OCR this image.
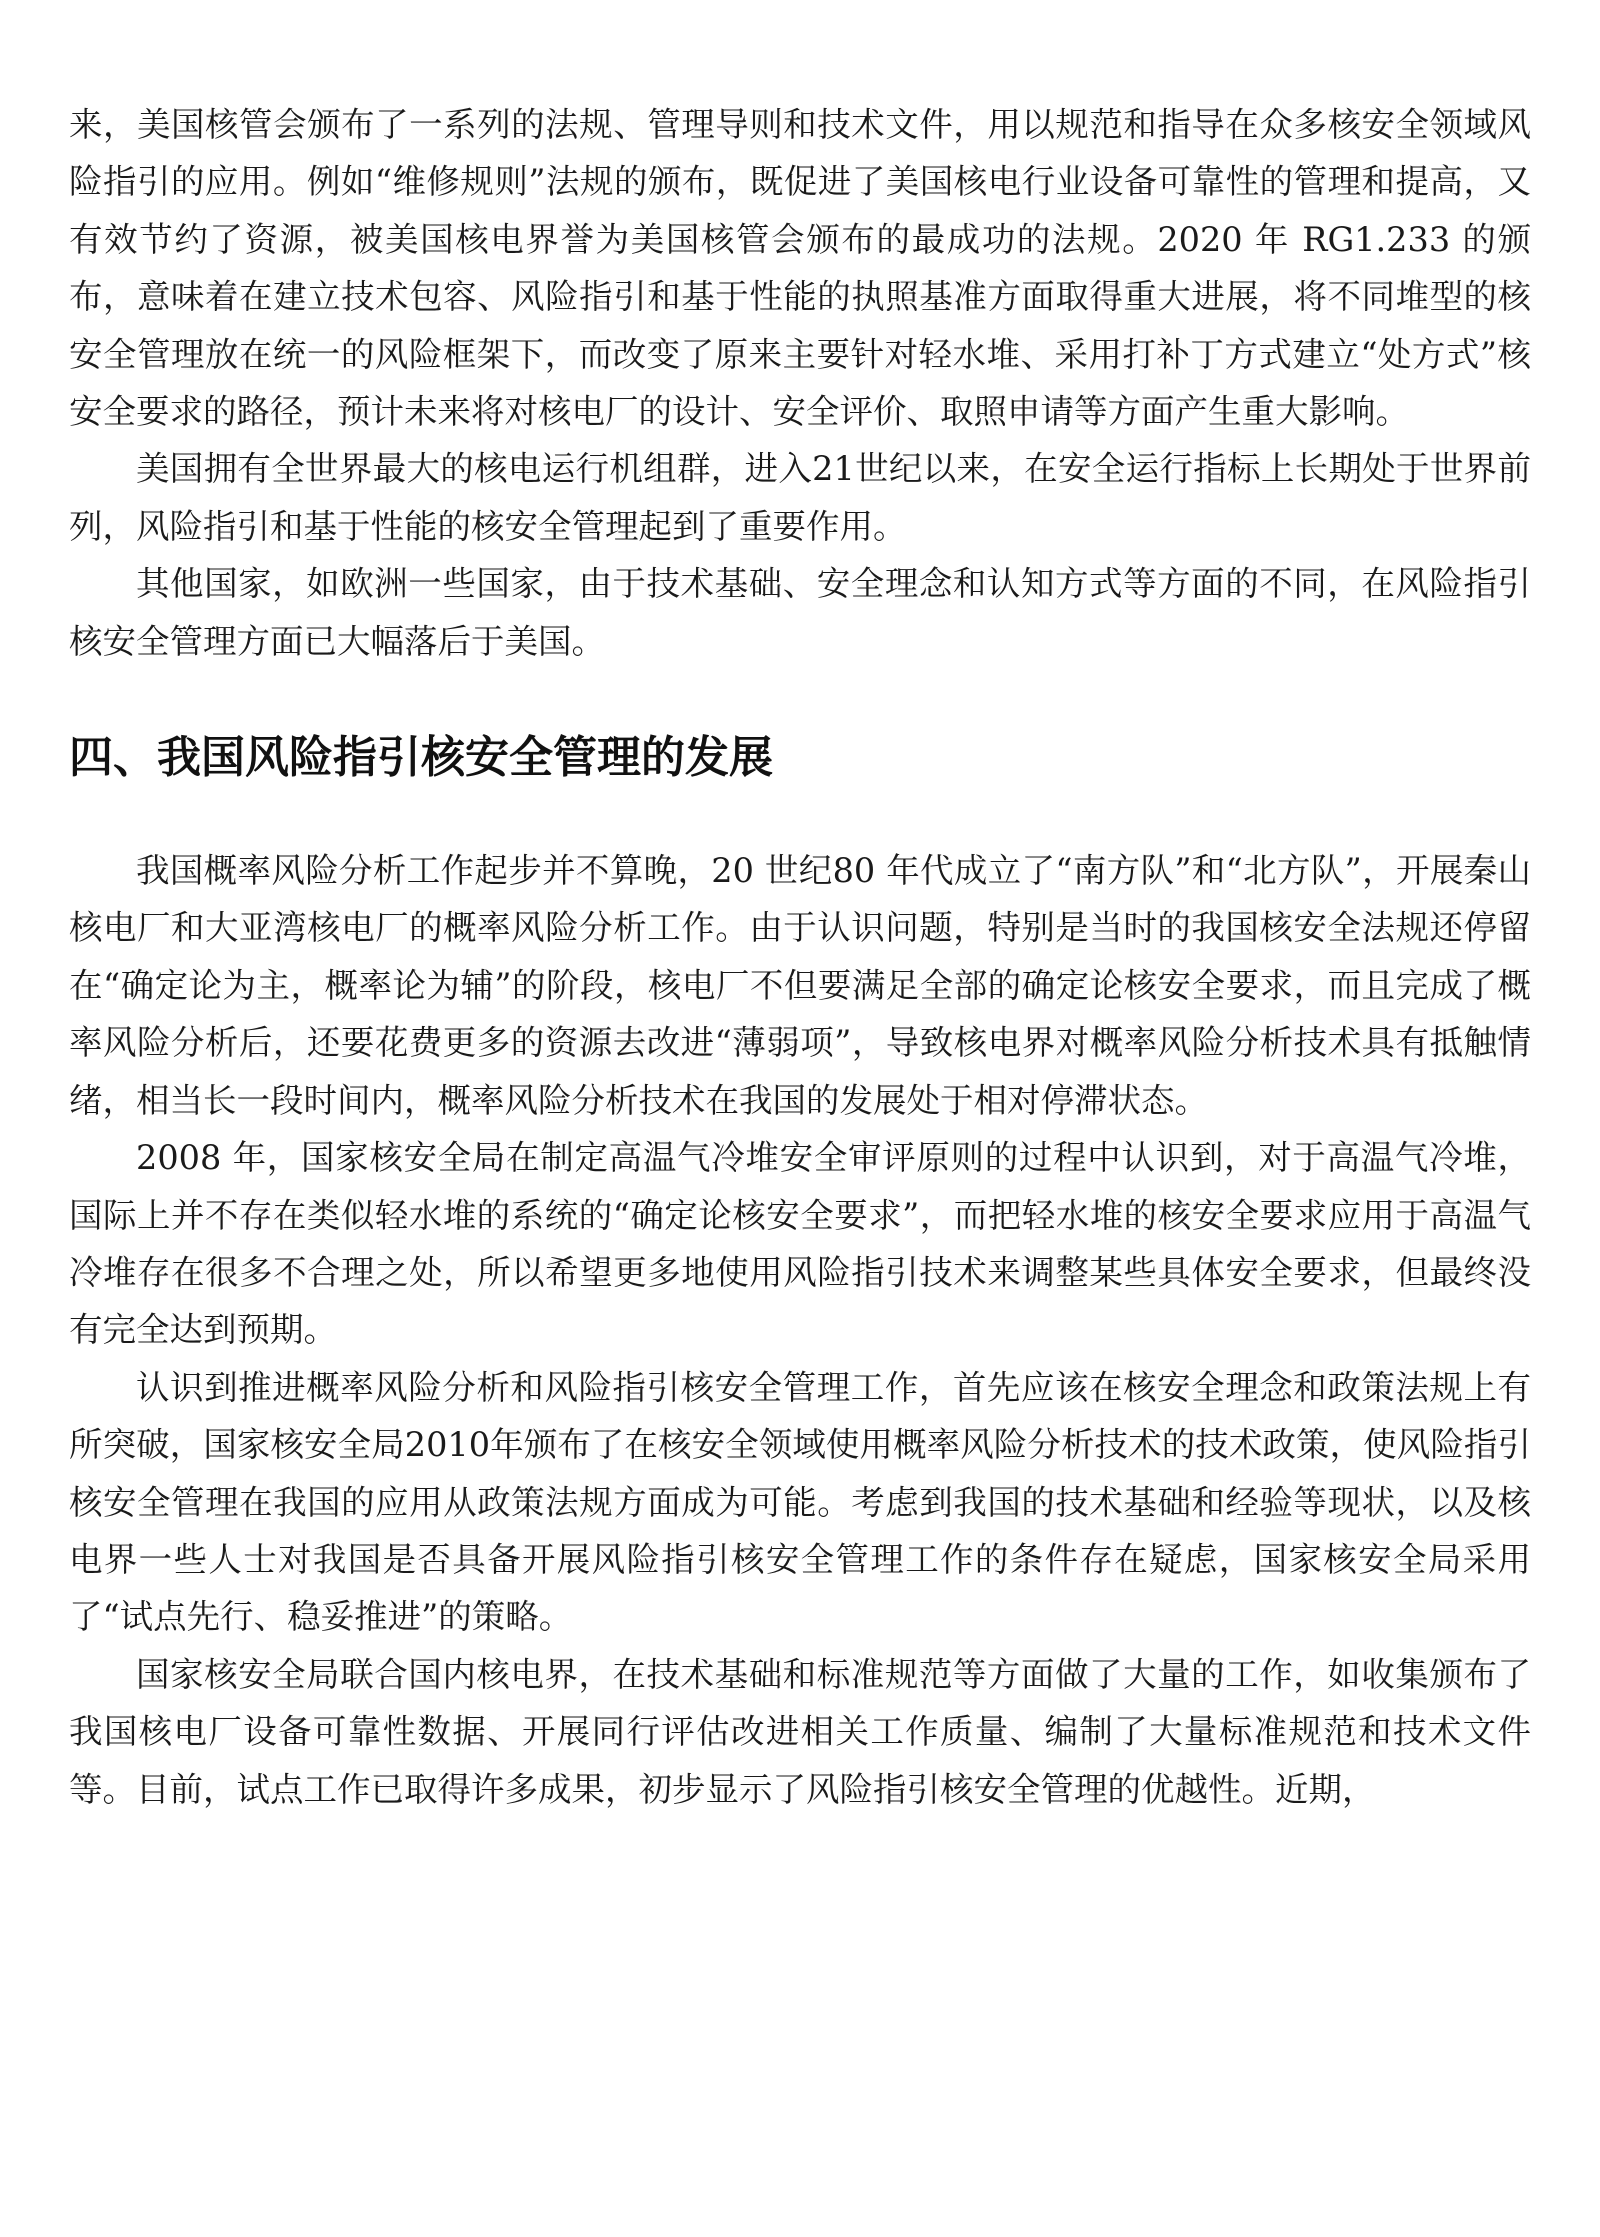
来，美国核管会颁布了一系列的法规、管理导则和技术文件，用以规范和指导在众多核安全领域风险指引的应用。例如“维修规则”法规的颁布，既促进了美国核电行业设备可靠性的管理和提高，又有效节约了资源，被美国核电界誉为美国核管会颁布的最成功的法规。2020 年 RG1.233 的颁布，意味着在建立技术包容、风险指引和基于性能的执照基准方面取得重大进展，将不同堆型的核安全管理放在统一的风险框架下，而改变了原来主要针对轻水堆、采用打补丁方式建立“处方式”核安全要求的路径，预计未来将对核电厂的设计、安全评价、取照申请等方面产生重大影响。

美国拥有全世界最大的核电运行机组群，进入21世纪以来，在安全运行指标上长期处于世界前列，风险指引和基于性能的核安全管理起到了重要作用。

其他国家，如欧洲一些国家，由于技术基础、安全理念和认知方式等方面的不同，在风险指引核安全管理方面已大幅落后于美国。

四、我国风险指引核安全管理的发展

我国概率风险分析工作起步并不算晚，20 世纪80 年代成立了“南方队”和“北方队”，开展秦山核电厂和大亚湾核电厂的概率风险分析工作。由于认识问题，特别是当时的我国核安全法规还停留在“确定论为主，概率论为辅”的阶段，核电厂不但要满足全部的确定论核安全要求，而且完成了概率风险分析后，还要花费更多的资源去改进“薄弱项”，导致核电界对概率风险分析技术具有抵触情绪，相当长一段时间内，概率风险分析技术在我国的发展处于相对停滞状态。

2008 年，国家核安全局在制定高温气冷堆安全审评原则的过程中认识到，对于高温气冷堆，国际上并不存在类似轻水堆的系统的“确定论核安全要求”，而把轻水堆的核安全要求应用于高温气冷堆存在很多不合理之处，所以希望更多地使用风险指引技术来调整某些具体安全要求，但最终没有完全达到预期。

认识到推进概率风险分析和风险指引核安全管理工作，首先应该在核安全理念和政策法规上有所突破，国家核安全局2010年颁布了在核安全领域使用概率风险分析技术的技术政策，使风险指引核安全管理在我国的应用从政策法规方面成为可能。考虑到我国的技术基础和经验等现状，以及核电界一些人士对我国是否具备开展风险指引核安全管理工作的条件存在疑虑，国家核安全局采用了“试点先行、稳妥推进”的策略。

国家核安全局联合国内核电界，在技术基础和标准规范等方面做了大量的工作，如收集颁布了我国核电厂设备可靠性数据、开展同行评估改进相关工作质量、编制了大量标准规范和技术文件等。目前，试点工作已取得许多成果，初步显示了风险指引核安全管理的优越性。近期，
